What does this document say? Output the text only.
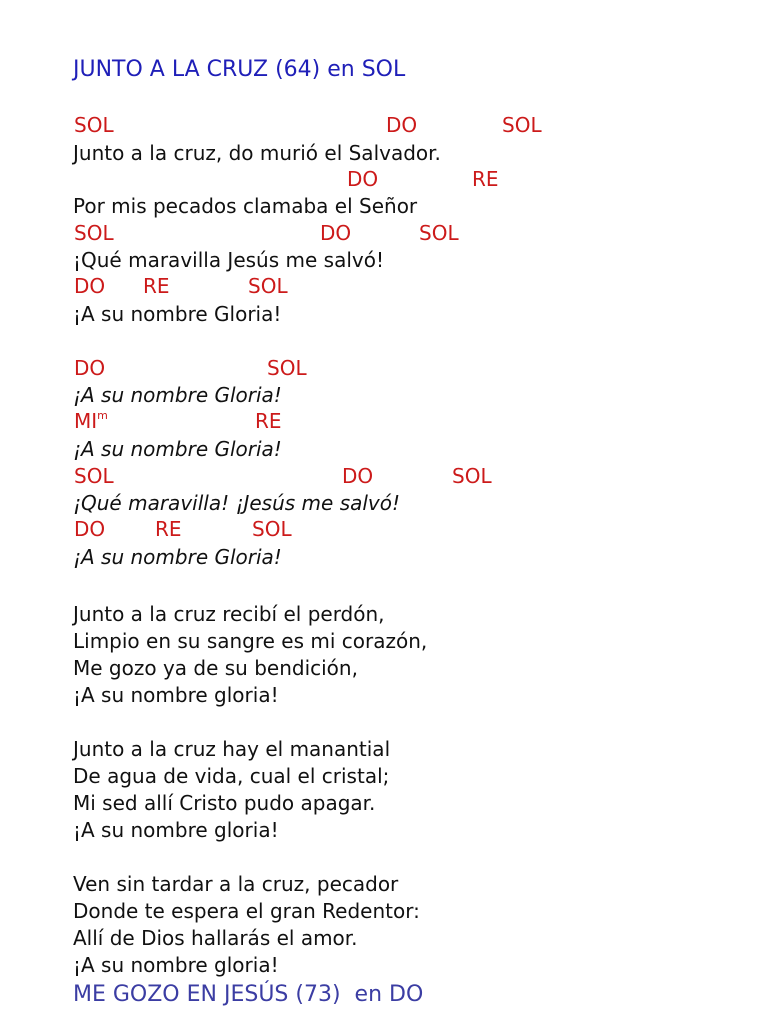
JUNTO A LA CRUZ (64) en SOL
SOL	DO	SOL
Junto a la cruz, do murió el Salvador.
DO	RE
Por mis pecados clamaba el Señor
SOL	DO	SOL
¡Qué maravilla Jesús me salvó!
DO RE	SOL
¡A su nombre Gloria!
DO	SOL
¡A su nombre Gloria!
$MI^m$	RE
¡A su nombre Gloria!
SOL	DO	SOL
¡Qué maravilla! ¡Jesús me salvó!
DO RE	SOL
¡A su nombre Gloria!
Junto a la cruz recibí el perdón,
Limpio en su sangre es mi corazón,
Me gozo ya de su bendición,
¡A su nombre gloria!
Junto a la cruz hay el manantial
De agua de vida, cual el cristal;
Mi sed allí Cristo pudo apagar.
¡A su nombre gloria!
Ven sin tardar a la cruz, pecador
Donde te espera el gran Redentor:
Allí de Dios hallarás el amor.
¡A su nombre gloria!
ME GOZO EN JESÚS (73)  en DO
